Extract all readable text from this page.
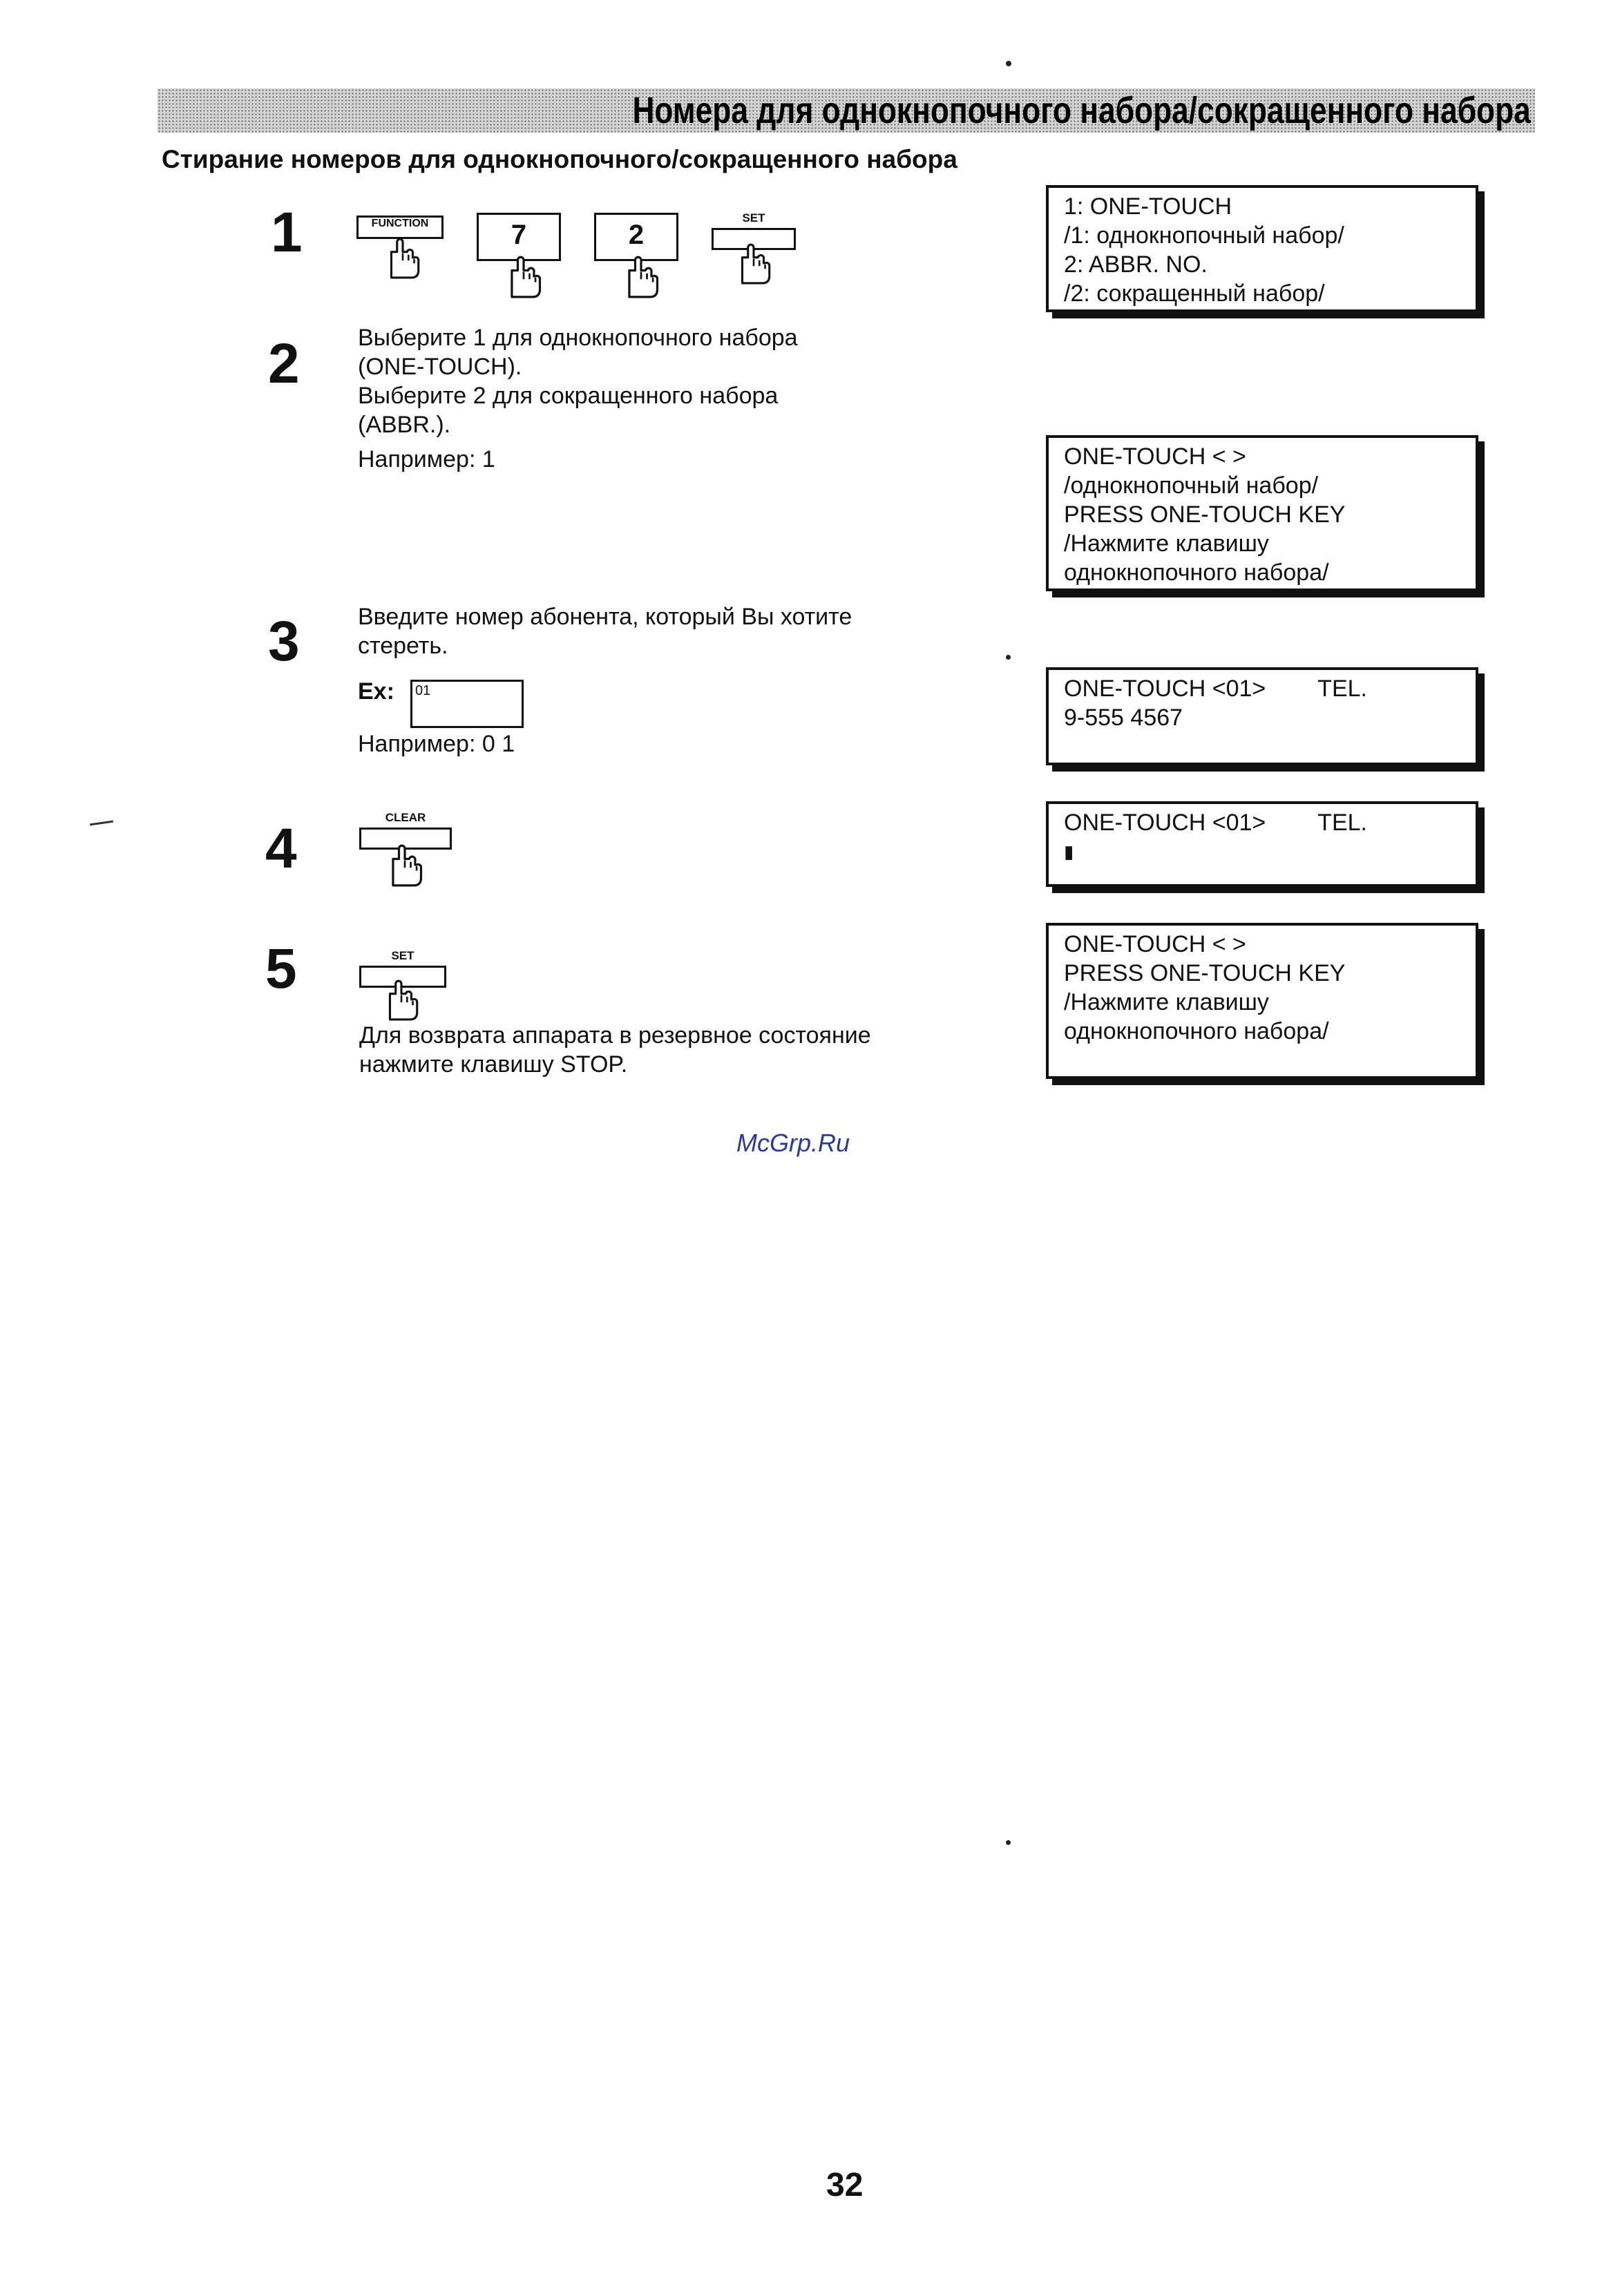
Номера для однокнопочного набора/сокращенного набора
Стирание номеров для однокнопочного/сокращенного набора
1	FUNCTION	7	2
SET
2 Выберите 1 для однокнопочного набора
(ONE-TOUCH).
Выберите 2 для сокращенного набора
(ABBR.).
Например: 1
3 Введите номер абонента, который Вы хотите
стереть.
Ex: 01
Например: 0 1
4	CLEAR
5	SET
Для возврата аппарата в резервное состояние
нажмите клавишу STOP.
1: ONE-TOUCH
/1: однокнопочный набор/
2: ABBR. NO.
/2: сокращенный набор/
ONE-TOUCH < >
/однокнопочный набор/
PRESS ONE-TOUCH KEY
/Нажмите клавишу
однокнопочного набора/
ONE-TOUCH <01>        TEL.
9-555 4567
ONE-TOUCH <01>        TEL.
▮
ONE-TOUCH < >
PRESS ONE-TOUCH KEY
/Нажмите клавишу
однокнопочного набора/
McGrp.Ru
32
